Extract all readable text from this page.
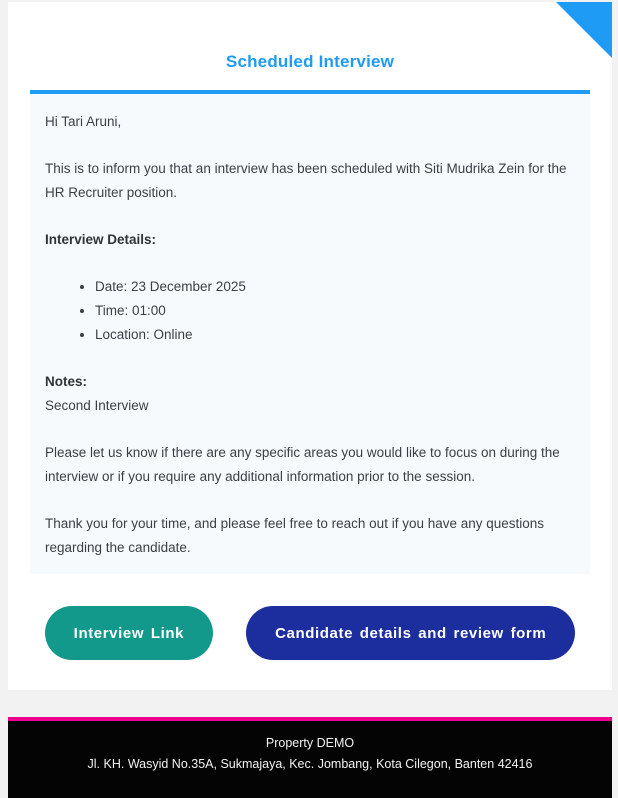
Scheduled Interview

Hi Tari Aruni,

This is to inform you that an interview has been scheduled with Siti Mudrika Zein for the HR Recruiter position.

Interview Details:

• Date: 23 December 2025
• Time: 01:00
• Location: Online

Notes:
Second Interview

Please let us know if there are any specific areas you would like to focus on during the interview or if you require any additional information prior to the session.

Thank you for your time, and please feel free to reach out if you have any questions regarding the candidate.

Interview Link	Candidate details and review form
Property DEMO
Jl. KH. Wasyid No.35A, Sukmajaya, Kec. Jombang, Kota Cilegon, Banten 42416
